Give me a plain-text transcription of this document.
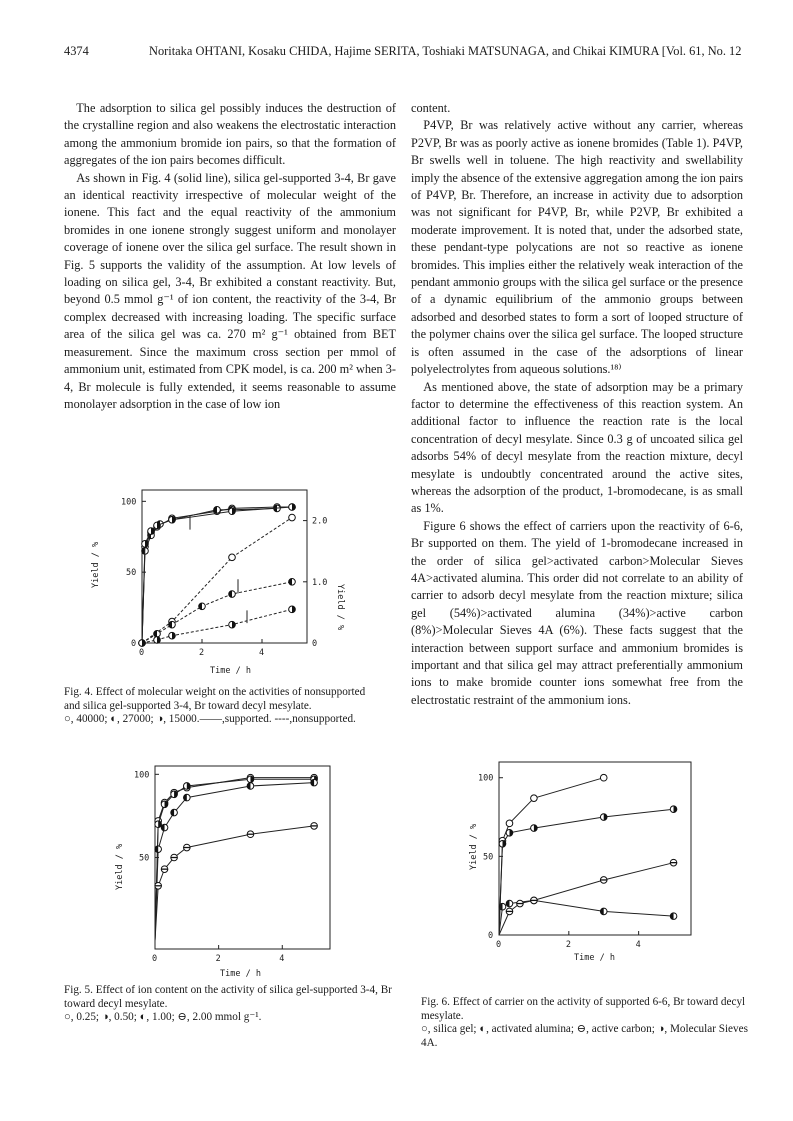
4374	Noritaka OHTANI, Kosaku CHIDA, Hajime SERITA, Toshiaki MATSUNAGA, and Chikai KIMURA [Vol. 61, No. 12

The adsorption to silica gel possibly induces the destruction of the crystalline region and also weakens the electrostatic interaction among the ammonium bromide ion pairs, so that the formation of aggregates of the ion pairs becomes difficult.

As shown in Fig. 4 (solid line), silica gel-supported 3-4, Br gave an identical reactivity irrespective of molecular weight of the ionene. This fact and the equal reactivity of the ammonium bromides in one ionene strongly suggest uniform and monolayer coverage of ionene over the silica gel surface. The result shown in Fig. 5 supports the validity of the assumption. At low levels of loading on silica gel, 3-4, Br exhibited a constant reactivity. But, beyond 0.5 mmol g⁻¹ of ion content, the reactivity of the 3-4, Br complex decreased with increasing loading. The specific surface area of the silica gel was ca. 270 m² g⁻¹ obtained from BET measurement. Since the maximum cross section per mmol of ammonium unit, estimated from CPK model, is ca. 200 m² when 3-4, Br molecule is fully extended, it seems reasonable to assume monolayer adsorption in the case of low ion

content.

P4VP, Br was relatively active without any carrier, whereas P2VP, Br was as poorly active as ionene bromides (Table 1). P4VP, Br swells well in toluene. The high reactivity and swellability imply the absence of the extensive aggregation among the ion pairs of P4VP, Br. Therefore, an increase in activity due to adsorption was not significant for P4VP, Br, while P2VP, Br exhibited a moderate improvement. It is noted that, under the adsorbed state, these pendant-type polycations are not so reactive as ionene bromides. This implies either the relatively weak interaction of the pendant ammonio groups with the silica gel surface or the presence of a dynamic equilibrium of the ammonio groups between adsorbed and desorbed states to form a sort of looped structure of the polymer chains over the silica gel surface. The looped structure is often assumed in the case of the adsorptions of linear polyelectrolytes from aqueous solutions.¹⁸⁾

As mentioned above, the state of adsorption may be a primary factor to determine the effectiveness of this reaction system. An additional factor to influence the reaction rate is the local concentration of decyl mesylate. Since 0.3 g of uncoated silica gel adsorbs 54% of decyl mesylate from the reaction mixture, decyl mesylate is undoubtly concentrated around the active sites, whereas the adsorption of the product, 1-bromodecane, is as small as 1%.

Figure 6 shows the effect of carriers upon the reactivity of 6-6, Br supported on them. The yield of 1-bromodecane increased in the order of silica gel>activated carbon>Molecular Sieves 4A>activated alumina. This order did not correlate to an ability of carrier to adsorb decyl mesylate from the reaction mixture; silica gel (54%)>activated alumina (34%)>active carbon (8%)>Molecular Sieves 4A (6%). These facts suggest that the interaction between support surface and ammonium bromides is important and that silica gel may attract preferentially ammonium ions to make bromide counter ions somewhat free from the electrostatic restraint of the ammonium ions.

Yield / %
Yield / %
Time / h
0	2	4
0
50
100
0
1.0
2.0
Fig. 4. Effect of molecular weight on the activities of nonsupported and silica gel-supported 3-4, Br toward decyl mesylate.
○, 40000; ◐, 27000; ◑, 15000.——,supported. ----,nonsupported.
Yield / %
Time / h
0	2	4
50
100
Fig. 5. Effect of ion content on the activity of silica gel-supported 3-4, Br toward decyl mesylate.
○, 0.25; ◑, 0.50; ◐, 1.00; ⊖, 2.00 mmol g⁻¹.
Yield / %
Time / h
0	2	4
0
50
100
Fig. 6. Effect of carrier on the activity of supported 6-6, Br toward decyl mesylate.
○, silica gel; ◐, activated alumina; ⊖, active carbon; ◑, Molecular Sieves 4A.
